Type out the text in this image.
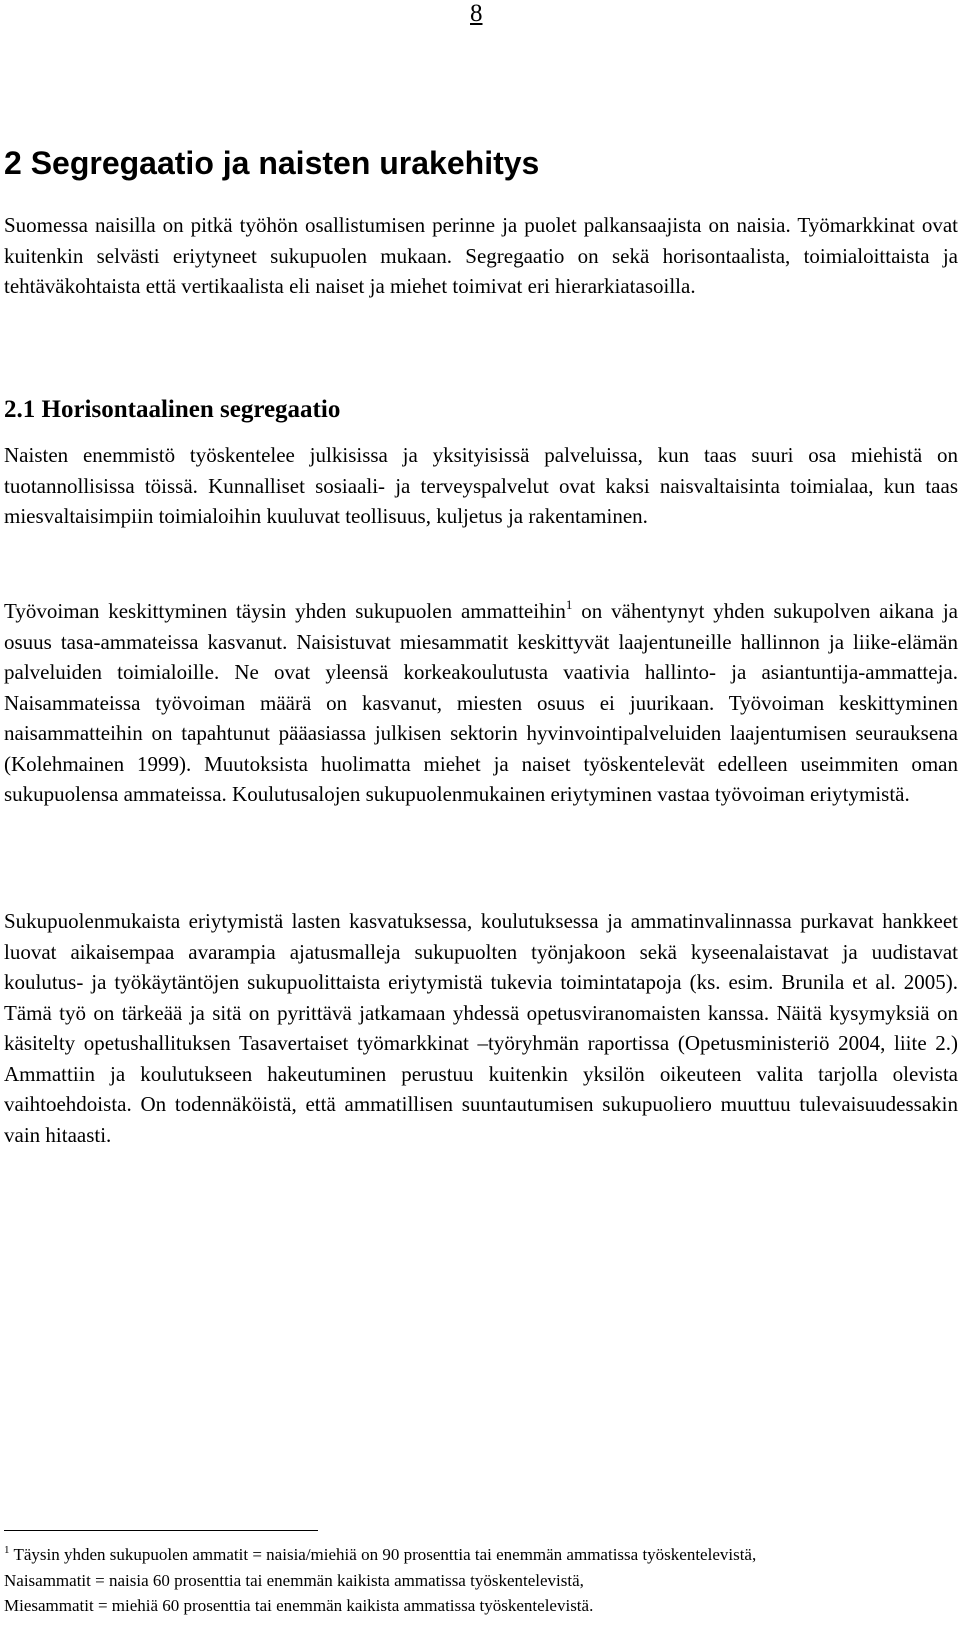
8
2 Segregaatio ja naisten urakehitys

Suomessa naisilla on pitkä työhön osallistumisen perinne ja puolet palkansaajista on naisia. Työmarkkinat ovat kuitenkin selvästi eriytyneet sukupuolen mukaan. Segregaatio on sekä horisontaalista, toimialoittaista ja tehtäväkohtaista että vertikaalista eli naiset ja miehet toimivat eri hierarkiatasoilla.

2.1 Horisontaalinen segregaatio

Naisten enemmistö työskentelee julkisissa ja yksityisissä palveluissa, kun taas suuri osa miehistä on tuotannollisissa töissä. Kunnalliset sosiaali- ja terveyspalvelut ovat kaksi naisvaltaisinta toimialaa, kun taas miesvaltaisimpiin toimialoihin kuuluvat teollisuus, kuljetus ja rakentaminen.

Työvoiman keskittyminen täysin yhden sukupuolen ammatteihin$^1$ on vähentynyt yhden sukupolven aikana ja osuus tasa-ammateissa kasvanut. Naisistuvat miesammatit keskittyvät laajentuneille hallinnon ja liike-elämän palveluiden toimialoille. Ne ovat yleensä korkeakoulutusta vaativia hallinto- ja asiantuntija-ammatteja. Naisammateissa työvoiman määrä on kasvanut, miesten osuus ei juurikaan. Työvoiman keskittyminen naisammatteihin on tapahtunut pääasiassa julkisen sektorin hyvinvointipalveluiden laajentumisen seurauksena (Kolehmainen 1999). Muutoksista huolimatta miehet ja naiset työskentelevät edelleen useimmiten oman sukupuolensa ammateissa. Koulutusalojen sukupuolenmukainen eriytyminen vastaa työvoiman eriytymistä.

Sukupuolenmukaista eriytymistä lasten kasvatuksessa, koulutuksessa ja ammatinvalinnassa purkavat hankkeet luovat aikaisempaa avarampia ajatusmalleja sukupuolten työnjakoon sekä kyseenalaistavat ja uudistavat koulutus- ja työkäytäntöjen sukupuolittaista eriytymistä tukevia toimintatapoja (ks. esim. Brunila et al. 2005). Tämä työ on tärkeää ja sitä on pyrittävä jatkamaan yhdessä opetusviranomaisten kanssa. Näitä kysymyksiä on käsitelty opetushallituksen Tasavertaiset työmarkkinat –työryhmän raportissa (Opetusministeriö 2004, liite 2.) Ammattiin ja koulutukseen hakeutuminen perustuu kuitenkin yksilön oikeuteen valita tarjolla olevista vaihtoehdoista. On todennäköistä, että ammatillisen suuntautumisen sukupuoliero muuttuu tulevaisuudessakin vain hitaasti.

$^1$ Täysin yhden sukupuolen ammatit = naisia/miehiä on 90 prosenttia tai enemmän ammatissa työskentelevistä,

Naisammatit = naisia 60 prosenttia tai enemmän kaikista ammatissa työskentelevistä,

Miesammatit = miehiä 60 prosenttia tai enemmän kaikista ammatissa työskentelevistä.
